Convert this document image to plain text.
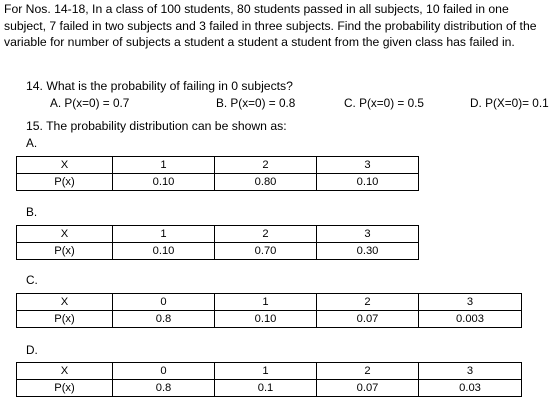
For Nos. 14-18, In a class of 100 students, 80 students passed in all subjects, 10 failed in one subject, 7 failed in two subjects and 3 failed in three subjects. Find the probability distribution of the variable for number of subjects a student a student a student from the given class has failed in.

14. What is the probability of failing in 0 subjects?
A. P(x=0) = 0.7	B. P(x=0) = 0.8	C. P(x=0) = 0.5	D. P(X=0)= 0.1
15. The probability distribution can be shown as:
A.
X	1	2	3
P(x)	0.10	0.80	0.10
B.
X	1	2	3
P(x)	0.10	0.70	0.30
C.
X	0	1	2	3
P(x)	0.8	0.10	0.07	0.003
D.
X	0	1	2	3
P(x)	0.8	0.1	0.07	0.03
